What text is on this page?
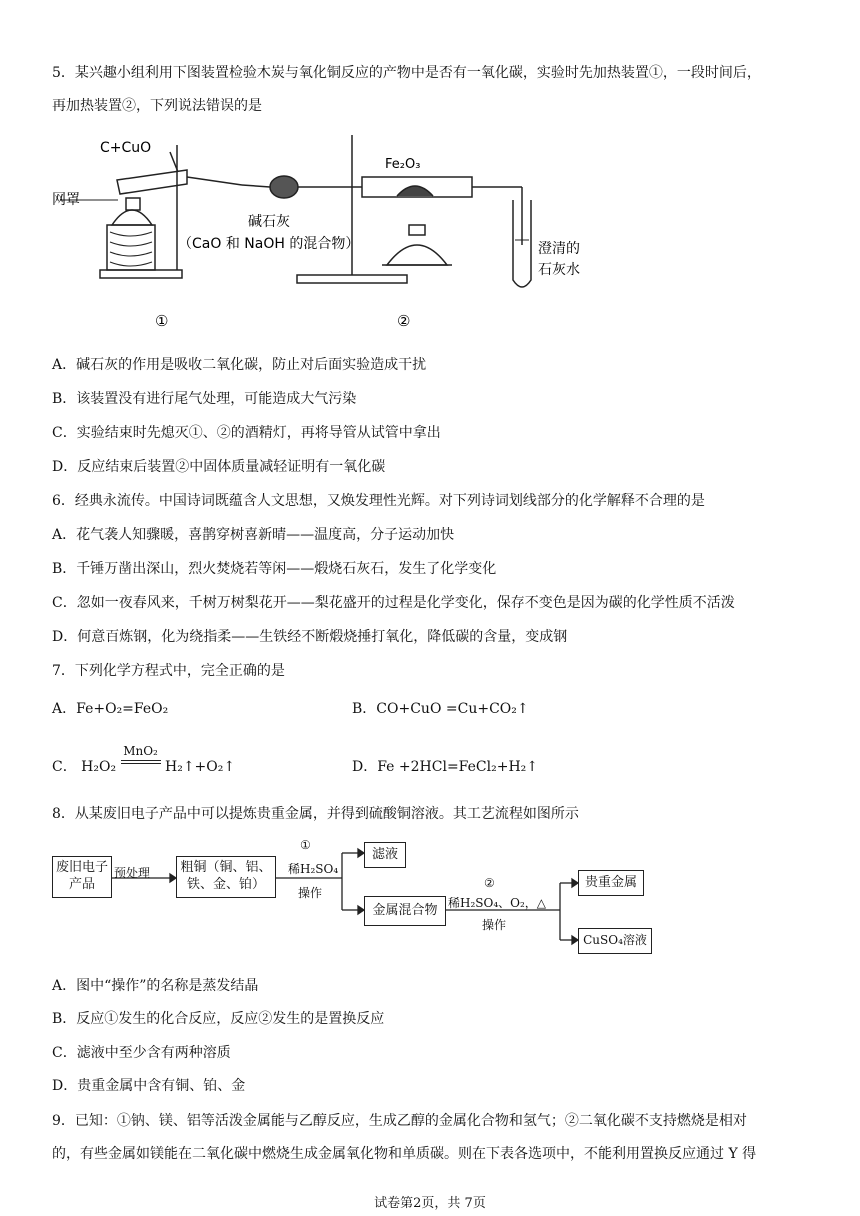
5．某兴趣小组利用下图装置检验木炭与氧化铜反应的产物中是否有一氧化碳，实验时先加热装置①，一段时间后，
再加热装置②，下列说法错误的是
C+CuO
网罩
碱石灰
（CaO 和 NaOH 的混合物）
Fe₂O₃
澄清的
石灰水
①	②
A．碱石灰的作用是吸收二氧化碳，防止对后面实验造成干扰
B．该装置没有进行尾气处理，可能造成大气污染
C．实验结束时先熄灭①、②的酒精灯，再将导管从试管中拿出
D．反应结束后装置②中固体质量减轻证明有一氧化碳
6．经典永流传。中国诗词既蕴含人文思想，又焕发理性光辉。对下列诗词划线部分的化学解释不合理的是
A．花气袭人知骤暖，喜鹊穿树喜新晴——温度高，分子运动加快
B．千锤万凿出深山，烈火焚烧若等闲——煅烧石灰石，发生了化学变化
C．忽如一夜春风来，千树万树梨花开——梨花盛开的过程是化学变化，保存不变色是因为碳的化学性质不活泼
D．何意百炼钢，化为绕指柔——生铁经不断煅烧捶打氧化，降低碳的含量，变成钢
7．下列化学方程式中，完全正确的是
A．Fe+O₂=FeO₂	B．CO+CuO =Cu+CO₂↑
C． H₂O₂
MnO₂
H₂↑+O₂↑	D．Fe +2HCl=FeCl₂+H₂↑
8．从某废旧电子产品中可以提炼贵重金属，并得到硫酸铜溶液。其工艺流程如图所示
废旧电子产品
预处理	粗铜（铜、铝、铁、金、铂）
①
稀H₂SO₄
操作
滤液
金属混合物
②
稀H₂SO₄、O₂，△
操作
贵重金属
CuSO₄溶液
A．图中“操作”的名称是蒸发结晶
B．反应①发生的化合反应，反应②发生的是置换反应
C．滤液中至少含有两种溶质
D．贵重金属中含有铜、铂、金
9．已知：①钠、镁、铝等活泼金属能与乙醇反应，生成乙醇的金属化合物和氢气；②二氧化碳不支持燃烧是相对
的，有些金属如镁能在二氧化碳中燃烧生成金属氧化物和单质碳。则在下表各选项中，不能利用置换反应通过 Y 得
试卷第2页，共 7页
